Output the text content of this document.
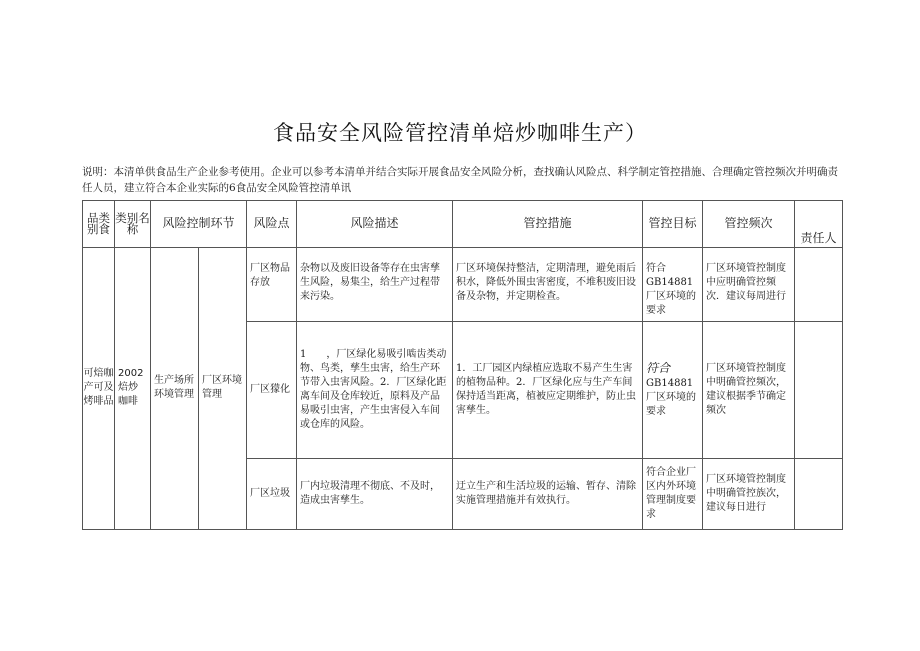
食品安全风险管控清单焙炒咖啡生产）
说明：本清单供食品生产企业参考使用。企业可以参考本清单并结合实际开展食品安全风险分析，查找确认风险点、科学制定管控措施、合理确定管控频次并明确责任人员，建立符合本企业实际的6食品安全风险管控清单讯
品类别食	类别名称	风险控制环节		风险点	风险描述	管控措施	管控目标	管控频次	责任人
可焙咖产可及烤啡品	2002焙炒咖啡	生产场所环境管理	厂区环境管理	厂区物品存放	杂物以及废旧设备等存在虫害孳生风险，易集尘，给生产过程带来污染。	厂区环境保持整洁，定期清理，避免雨后积水，降低外围虫害密度，不堆积废旧设备及杂物，并定期检查。	符合GB14881厂区环境的要求	厂区环境管控制度中应明确管控频次．建议每周进行	
				厂区獴化	1　　，厂区绿化易吸引啮齿类动物、鸟类，孳生虫害，给生产环节带入虫害风险。2．厂区绿化距离车间及仓库较近，原料及产品易吸引虫害，产生虫害侵入车间或仓库的风险。	1．工厂园区内绿植应选取不易产生生害的植物品种。2．厂区绿化应与生产车间保持适当距离，植被应定期维护，防止虫害孳生。	符合GB14881厂区环境的要求	厂区环境管控制度中明确管控频次，建议根据季节确定频次	
				厂区垃圾	厂内垃圾清理不彻底、不及时，造成虫害孳生。	迂立生产和生活垃圾的运输、暂存、清除实施管理措施并有效执行。	符合企业厂区内外环境管理制度要求	厂区环境管控制度中明确管控族次，建议每日进行	
